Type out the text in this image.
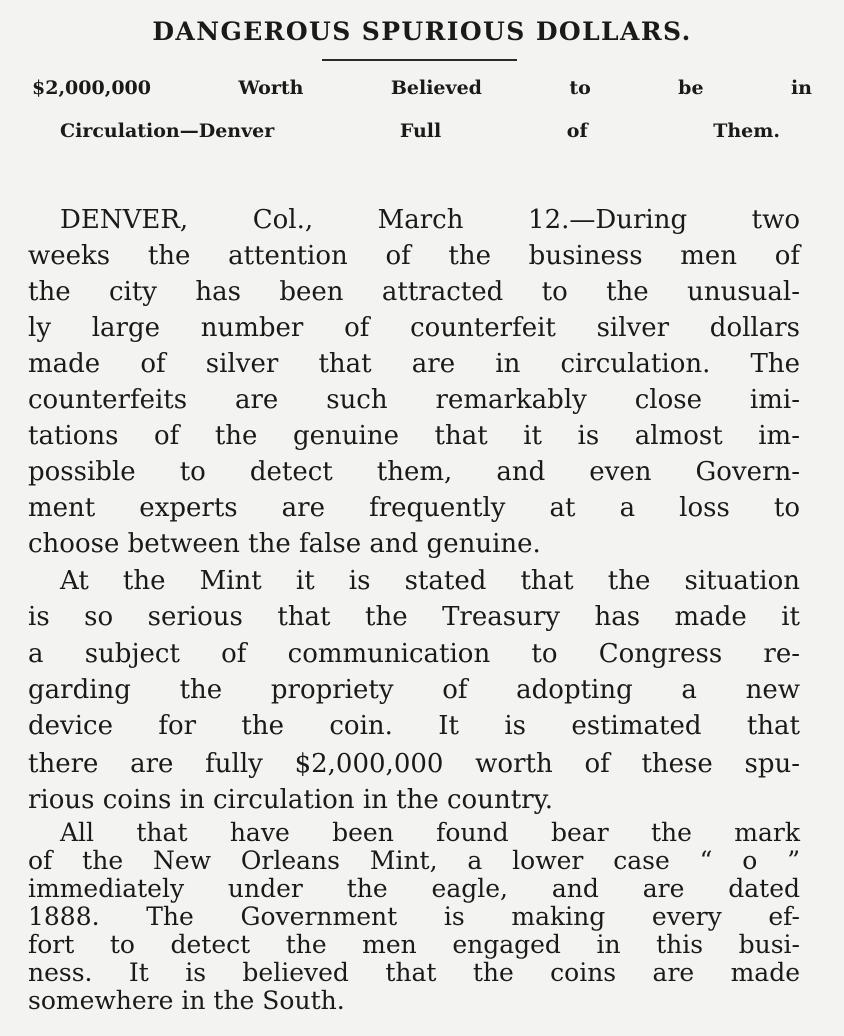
DANGEROUS SPURIOUS DOLLARS.
$2,000,000 Worth Believed to be in
Circulation—Denver Full of Them.
DENVER, Col., March 12.—During two
weeks the attention of the business men of
the city has been attracted to the unusual-
ly large number of counterfeit silver dollars
made of silver that are in circulation. The
counterfeits are such remarkably close imi-
tations of the genuine that it is almost im-
possible to detect them, and even Govern-
ment experts are frequently at a loss to
choose between the false and genuine.
At the Mint it is stated that the situation
is so serious that the Treasury has made it
a subject of communication to Congress re-
garding the propriety of adopting a new
device for the coin. It is estimated that
there are fully $2,000,000 worth of these spu-
rious coins in circulation in the country.
All that have been found bear the mark
of the New Orleans Mint, a lower case “ o ”
immediately under the eagle, and are dated
1888. The Government is making every ef-
fort to detect the men engaged in this busi-
ness. It is believed that the coins are made
somewhere in the South.
